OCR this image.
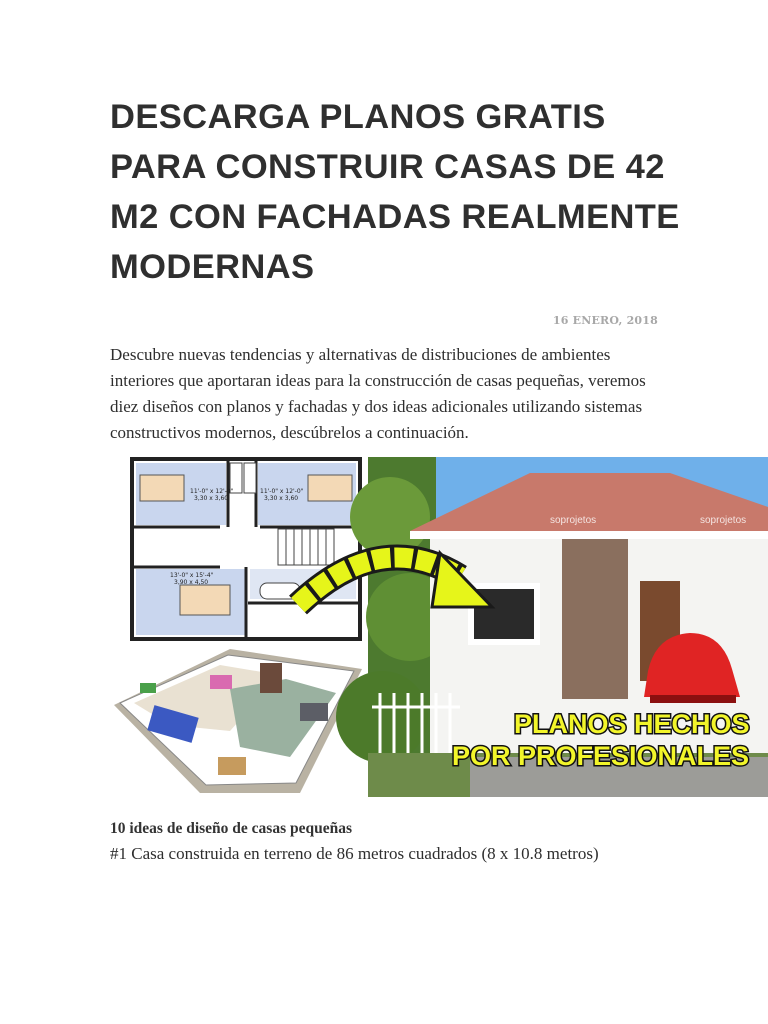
DESCARGA PLANOS GRATIS PARA CONSTRUIR CASAS DE 42 M2 CON FACHADAS REALMENTE MODERNAS
16 ENERO, 2018

Descubre nuevas tendencias y alternativas de distribuciones de ambientes interiores que aportaran ideas para la construcción de casas pequeñas, veremos diez diseños con planos y fachadas y dos ideas adicionales utilizando sistemas constructivos modernos, descúbrelos a continuación.

11'-0" x 12'-0"
3,30 x 3,60
11'-0" x 12'-0"
3,30 x 3,60
13'-0" x 15'-4"
3,90 x 4,50
soprojetos	soprojetos
PLANOS HECHOS
POR PROFESIONALES
10 ideas de diseño de casas pequeñas

#1 Casa construida en terreno de 86 metros cuadrados (8 x 10.8 metros)
